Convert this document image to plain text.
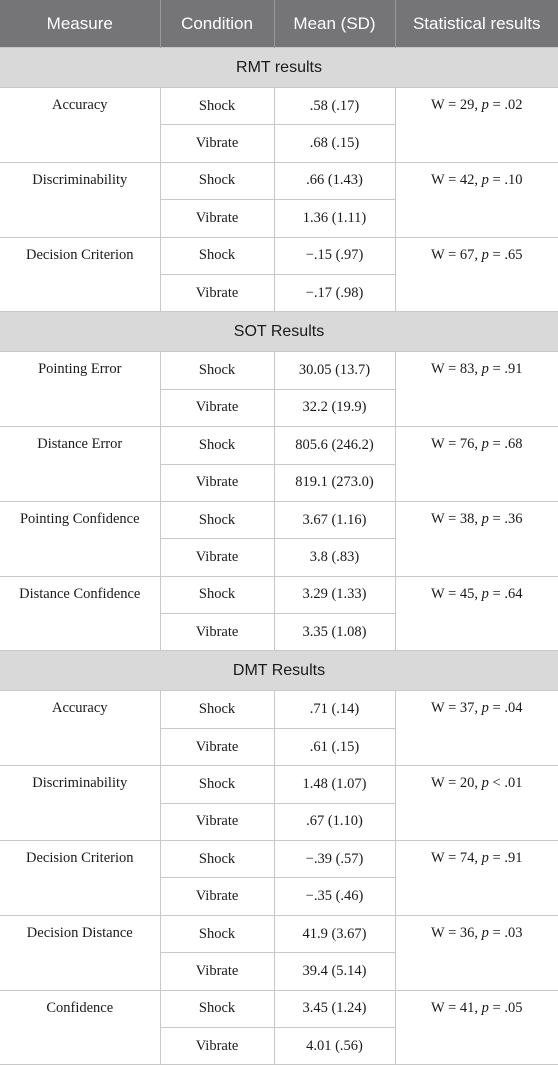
Measure	Condition	Mean (SD)	Statistical results
RMT results			
Accuracy	Shock	.58 (.17)	W = 29, p = .02
	Vibrate	.68 (.15)	
Discriminability	Shock	.66 (1.43)	W = 42, p = .10
	Vibrate	1.36 (1.11)	
Decision Criterion	Shock	−.15 (.97)	W = 67, p = .65
	Vibrate	−.17 (.98)	
SOT Results			
Pointing Error	Shock	30.05 (13.7)	W = 83, p = .91
	Vibrate	32.2 (19.9)	
Distance Error	Shock	805.6 (246.2)	W = 76, p = .68
	Vibrate	819.1 (273.0)	
Pointing Confidence	Shock	3.67 (1.16)	W = 38, p = .36
	Vibrate	3.8 (.83)	
Distance Confidence	Shock	3.29 (1.33)	W = 45, p = .64
	Vibrate	3.35 (1.08)	
DMT Results			
Accuracy	Shock	.71 (.14)	W = 37, p = .04
	Vibrate	.61 (.15)	
Discriminability	Shock	1.48 (1.07)	W = 20, p < .01
	Vibrate	.67 (1.10)	
Decision Criterion	Shock	−.39 (.57)	W = 74, p = .91
	Vibrate	−.35 (.46)	
Decision Distance	Shock	41.9 (3.67)	W = 36, p = .03
	Vibrate	39.4 (5.14)	
Confidence	Shock	3.45 (1.24)	W = 41, p = .05
	Vibrate	4.01 (.56)	
